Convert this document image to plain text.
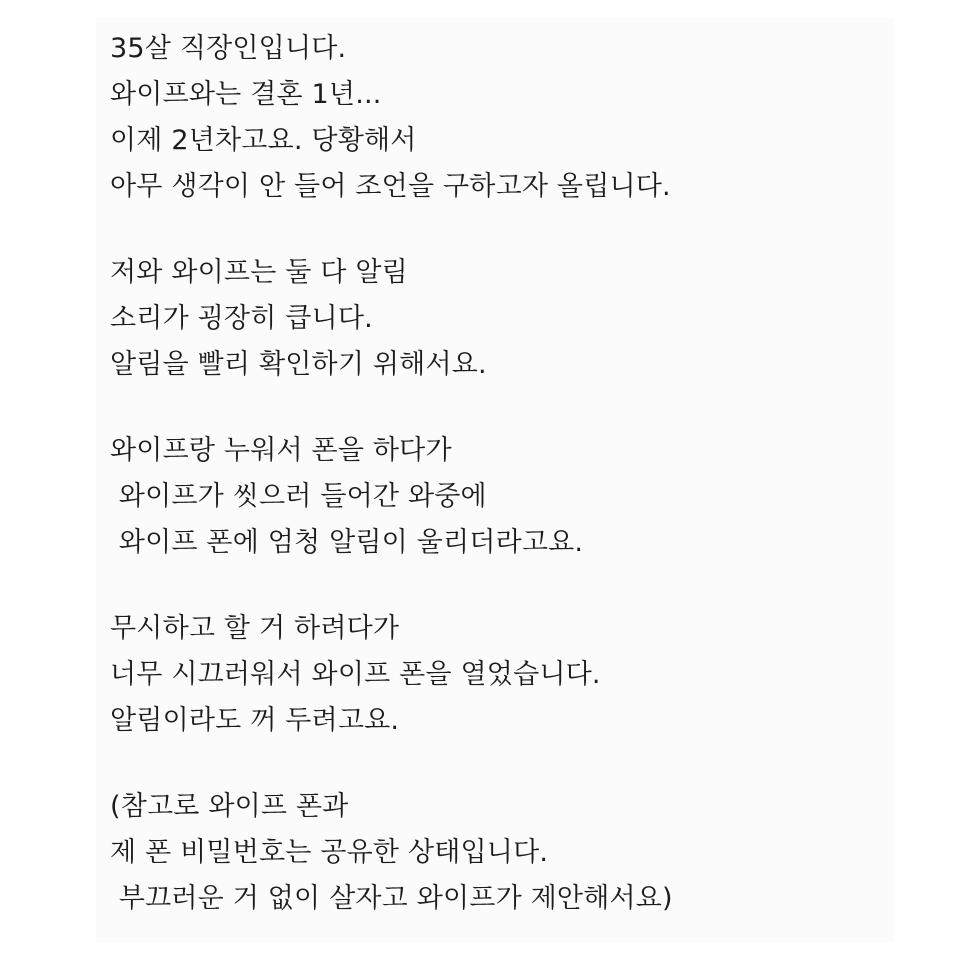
35살 직장인입니다.
와이프와는 결혼 1년...
이제 2년차고요. 당황해서
아무 생각이 안 들어 조언을 구하고자 올립니다.
저와 와이프는 둘 다 알림
소리가 굉장히 큽니다.
알림을 빨리 확인하기 위해서요.
와이프랑 누워서 폰을 하다가
와이프가 씻으러 들어간 와중에
와이프 폰에 엄청 알림이 울리더라고요.
무시하고 할 거 하려다가
너무 시끄러워서 와이프 폰을 열었습니다.
알림이라도 꺼 두려고요.
(참고로 와이프 폰과
제 폰 비밀번호는 공유한 상태입니다.
부끄러운 거 없이 살자고 와이프가 제안해서요)
